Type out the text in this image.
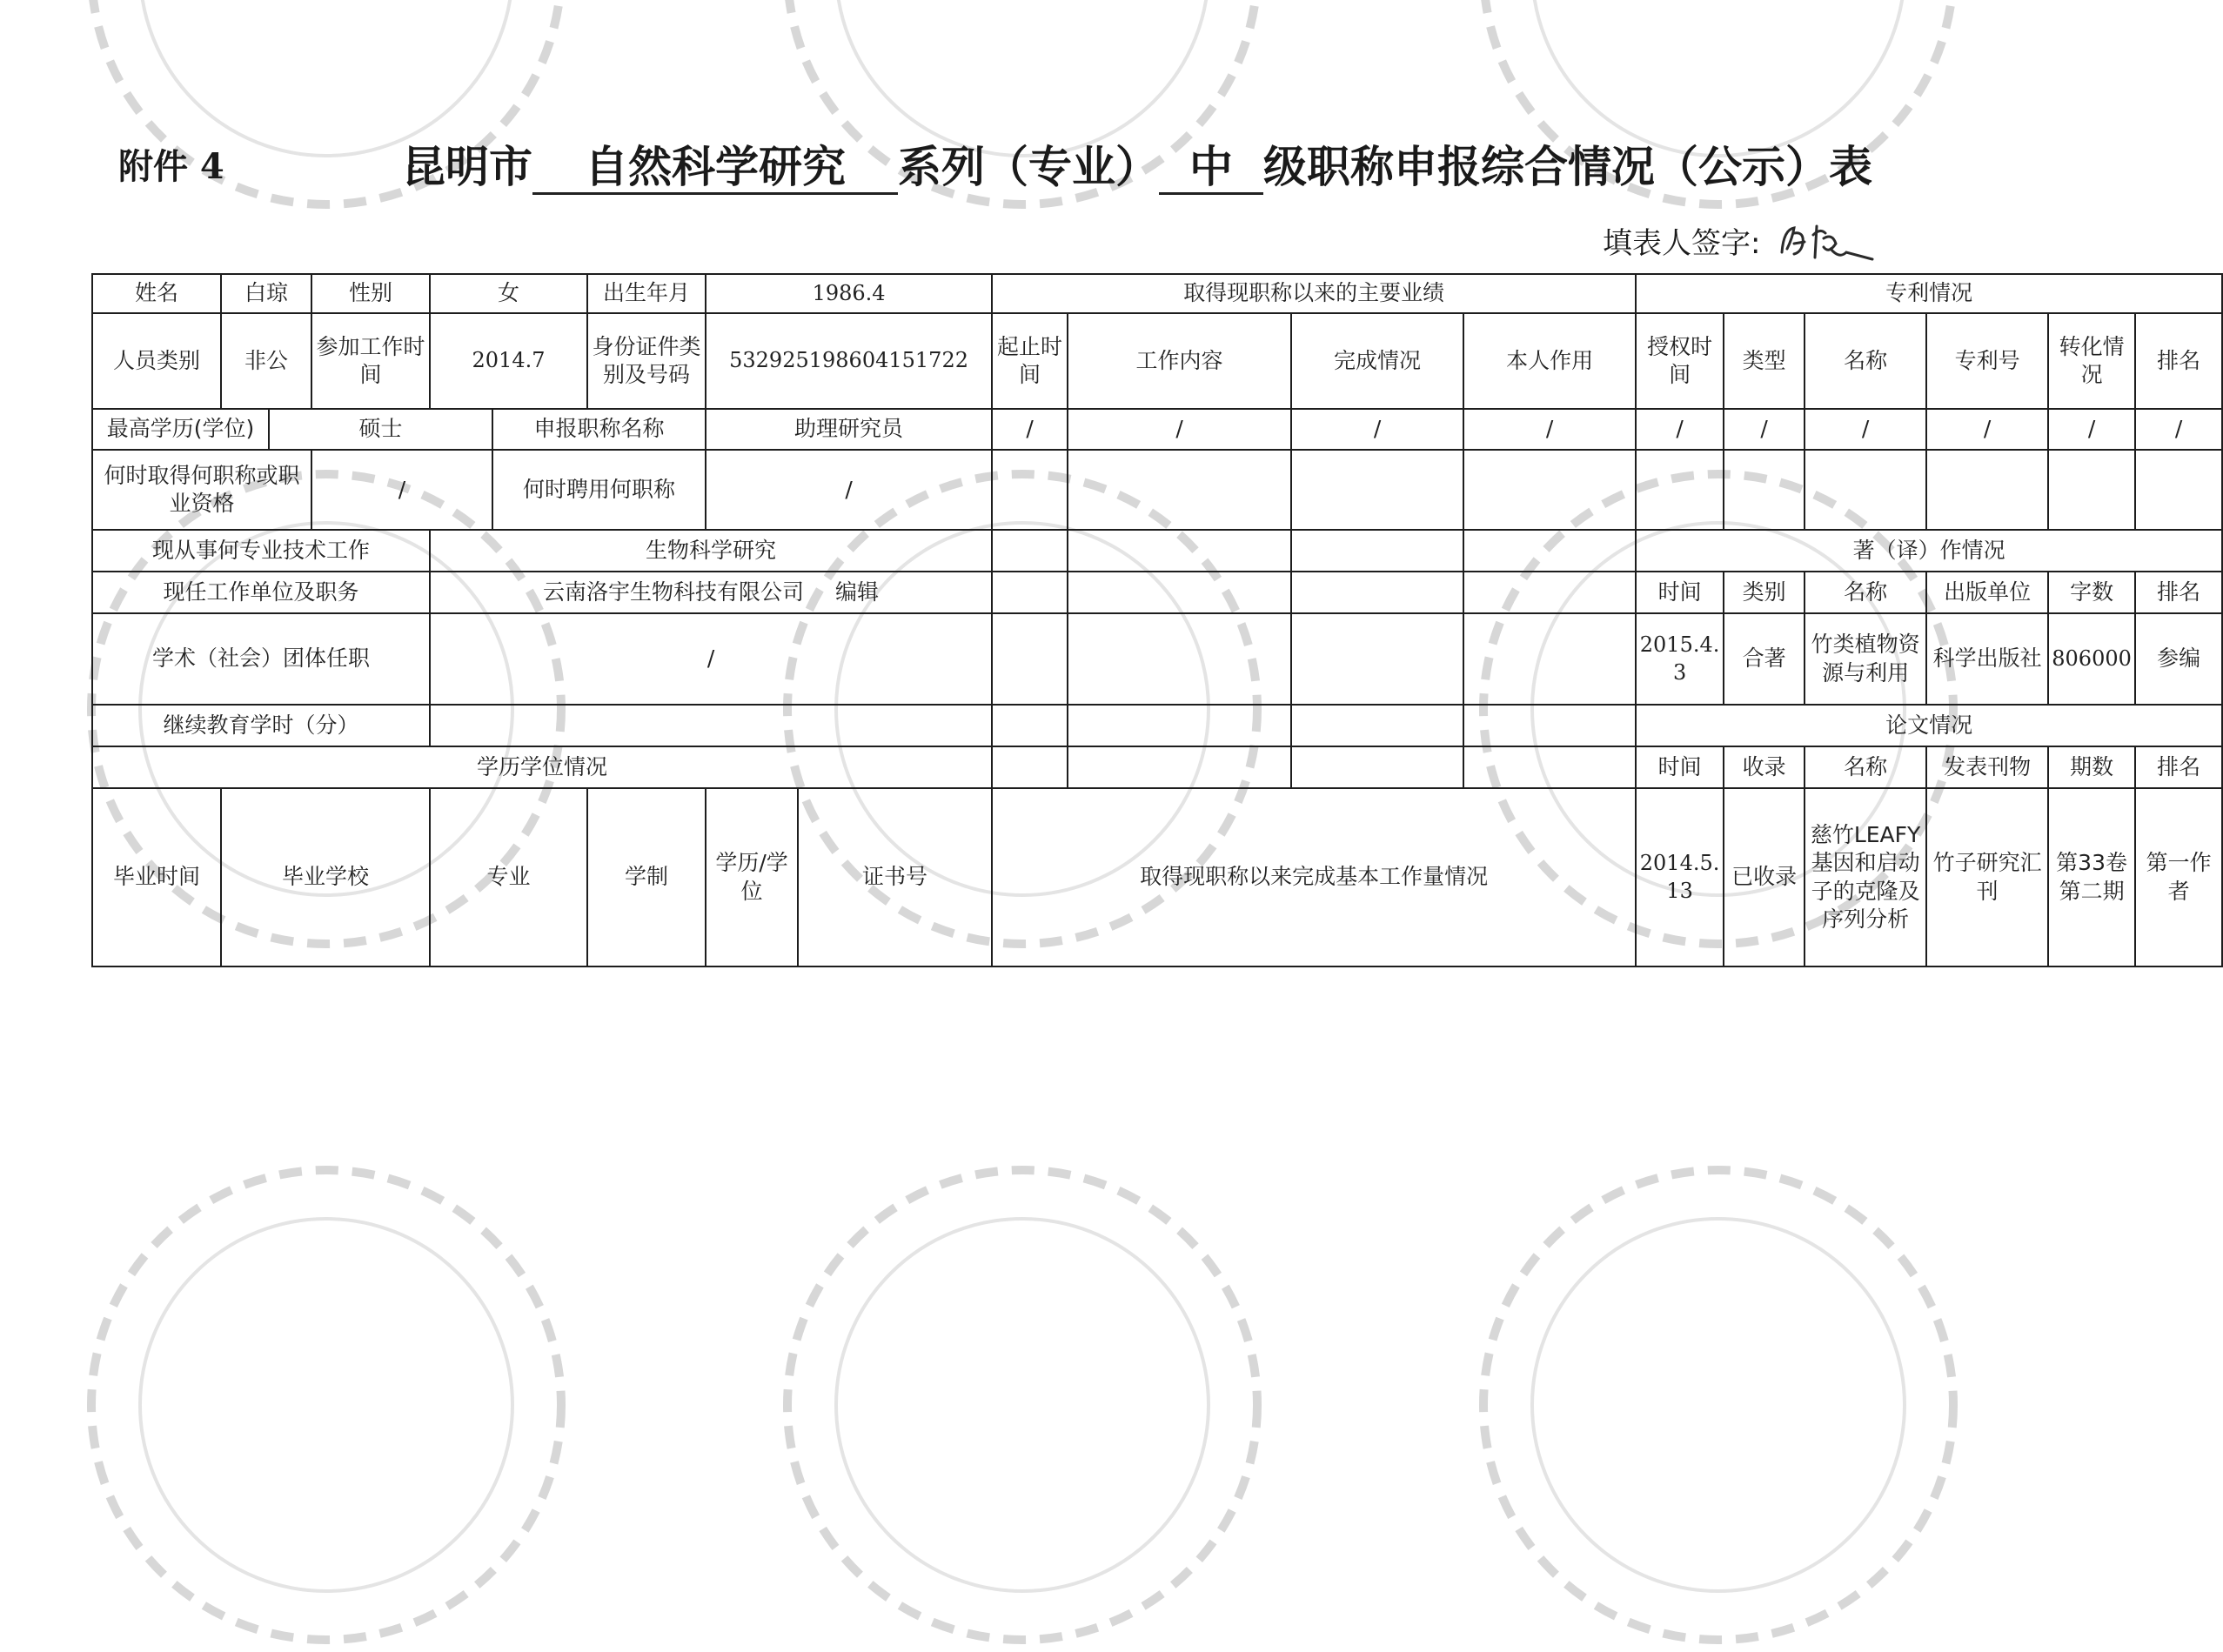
附件 4	昆明市 自然科学研究 系列（专业） 中 级职称申报综合情况（公示）表
填表人签字:
姓名	白琼		性别	女		出生年月	1986.4		取得现职称以来的主要业绩				专利情况					
人员类别	非公		参加工作时间	2014.7		身份证件类别及号码	532925198604151722		起止时间	工作内容	完成情况	本人作用	授权时间	类型	名称	专利号	转化情况	排名
最高学历(学位)		硕士			申报职称名称		助理研究员		/	/	/	/	/	/	/	/	/	/
何时取得何职称或职业资格			/		何时聘用何职称		/											
现从事何专业技术工作				生物科学研究									著（译）作情况					
现任工作单位及职务				云南洛宇生物科技有限公司 编辑									时间	类别	名称	出版单位	字数	排名
学术（社会）团体任职				/									2015.4.3	合著	竹类植物资源与利用	科学出版社	806000	参编
继续教育学时（分）													论文情况					
学历学位情况													时间	收录	名称	发表刊物	期数	排名
毕业时间	毕业学校			专业		学制	学历/学位	证书号	取得现职称以来完成基本工作量情况				2014.5.13	已收录	慈竹LEAFY基因和启动子的克隆及序列分析	竹子研究汇刊	第33卷第二期	第一作者
